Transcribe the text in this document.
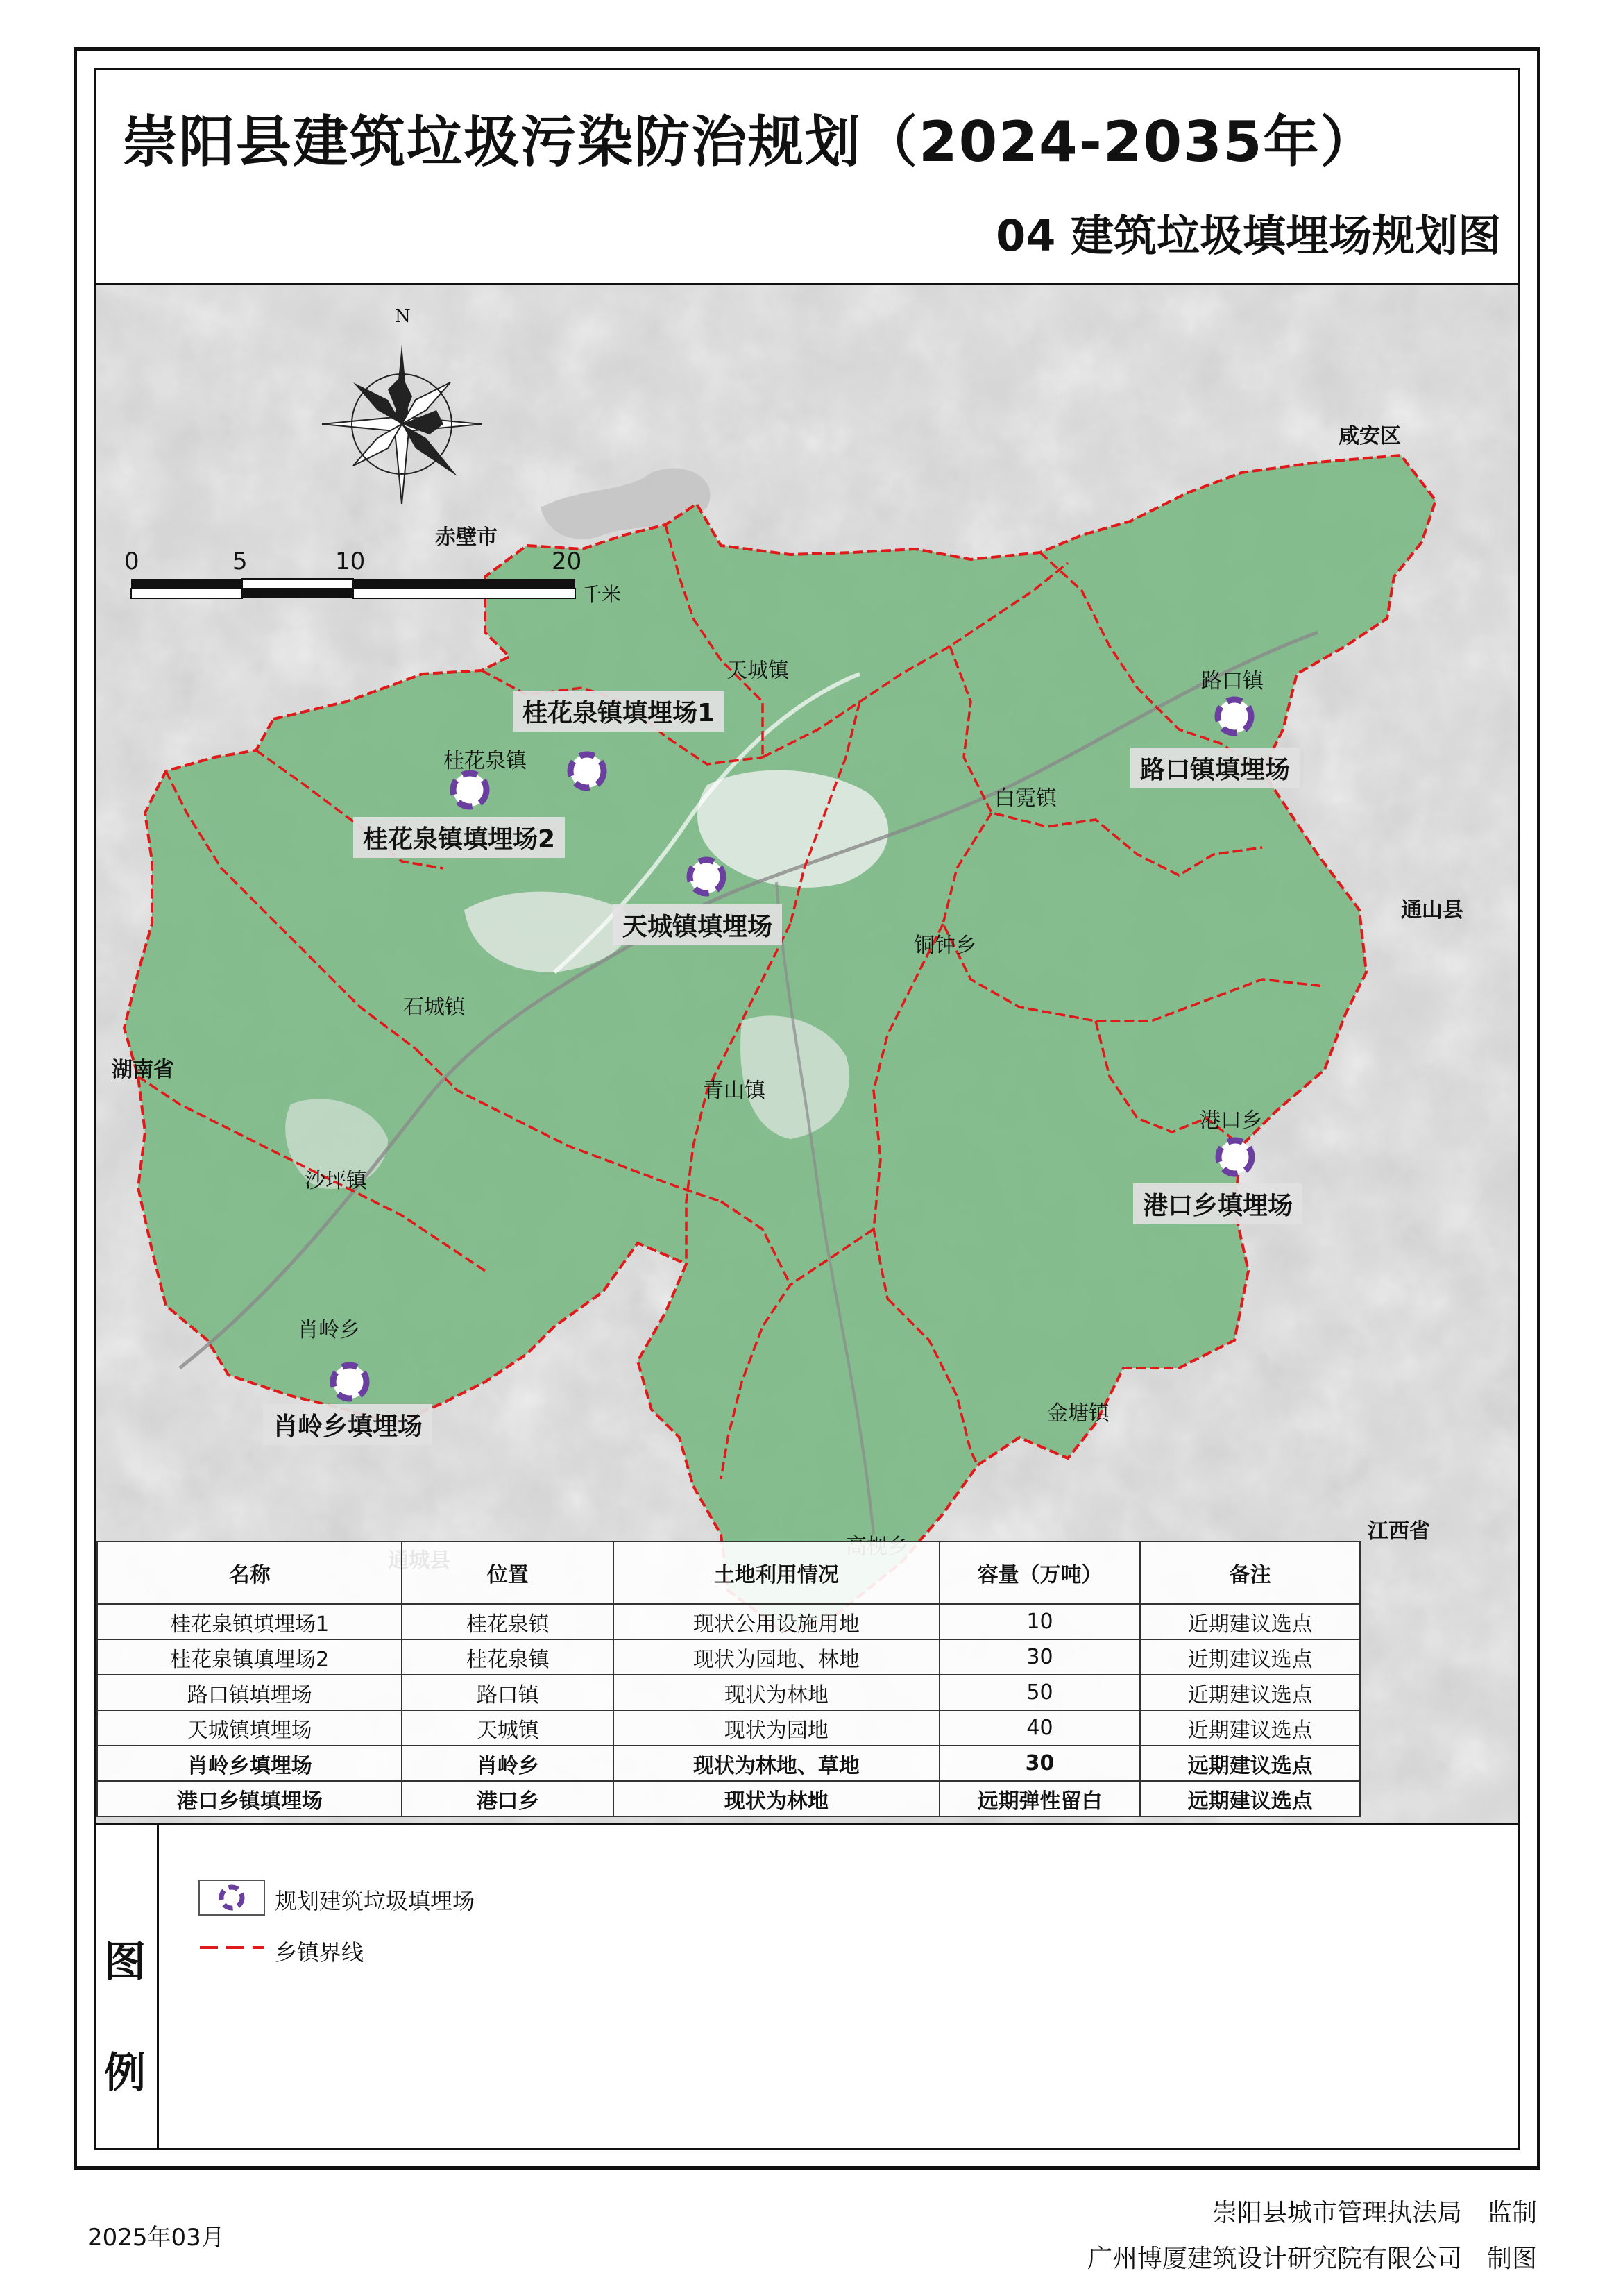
崇阳县建筑垃圾污染防治规划（2024-2035年）
04 建筑垃圾填埋场规划图
N
0	5	10	20
千米
咸安区
赤壁市
通山县
湖南省
江西省
天城镇	路口镇
桂花泉镇
白霓镇
铜钟乡
石城镇
青山镇
港口乡
沙坪镇
肖岭乡
金塘镇
桂花泉镇填埋场1
桂花泉镇填埋场2
天城镇填埋场
路口镇填埋场
港口乡填埋场
肖岭乡填埋场
名称	位置	土地利用情况	容量（万吨）	备注
桂花泉镇填埋场1	桂花泉镇	现状公用设施用地	10	近期建议选点
桂花泉镇填埋场2	桂花泉镇	现状为园地、林地	30	近期建议选点
路口镇填埋场	路口镇	现状为林地	50	近期建议选点
天城镇填埋场	天城镇	现状为园地	40	近期建议选点
肖岭乡填埋场	肖岭乡	现状为林地、草地	30	远期建议选点
港口乡镇填埋场	港口乡	现状为林地	远期弹性留白	远期建议选点
图
例
规划建筑垃圾填埋场
乡镇界线
2025年03月
崇阳县城市管理执法局　监制
广州博厦建筑设计研究院有限公司　制图
